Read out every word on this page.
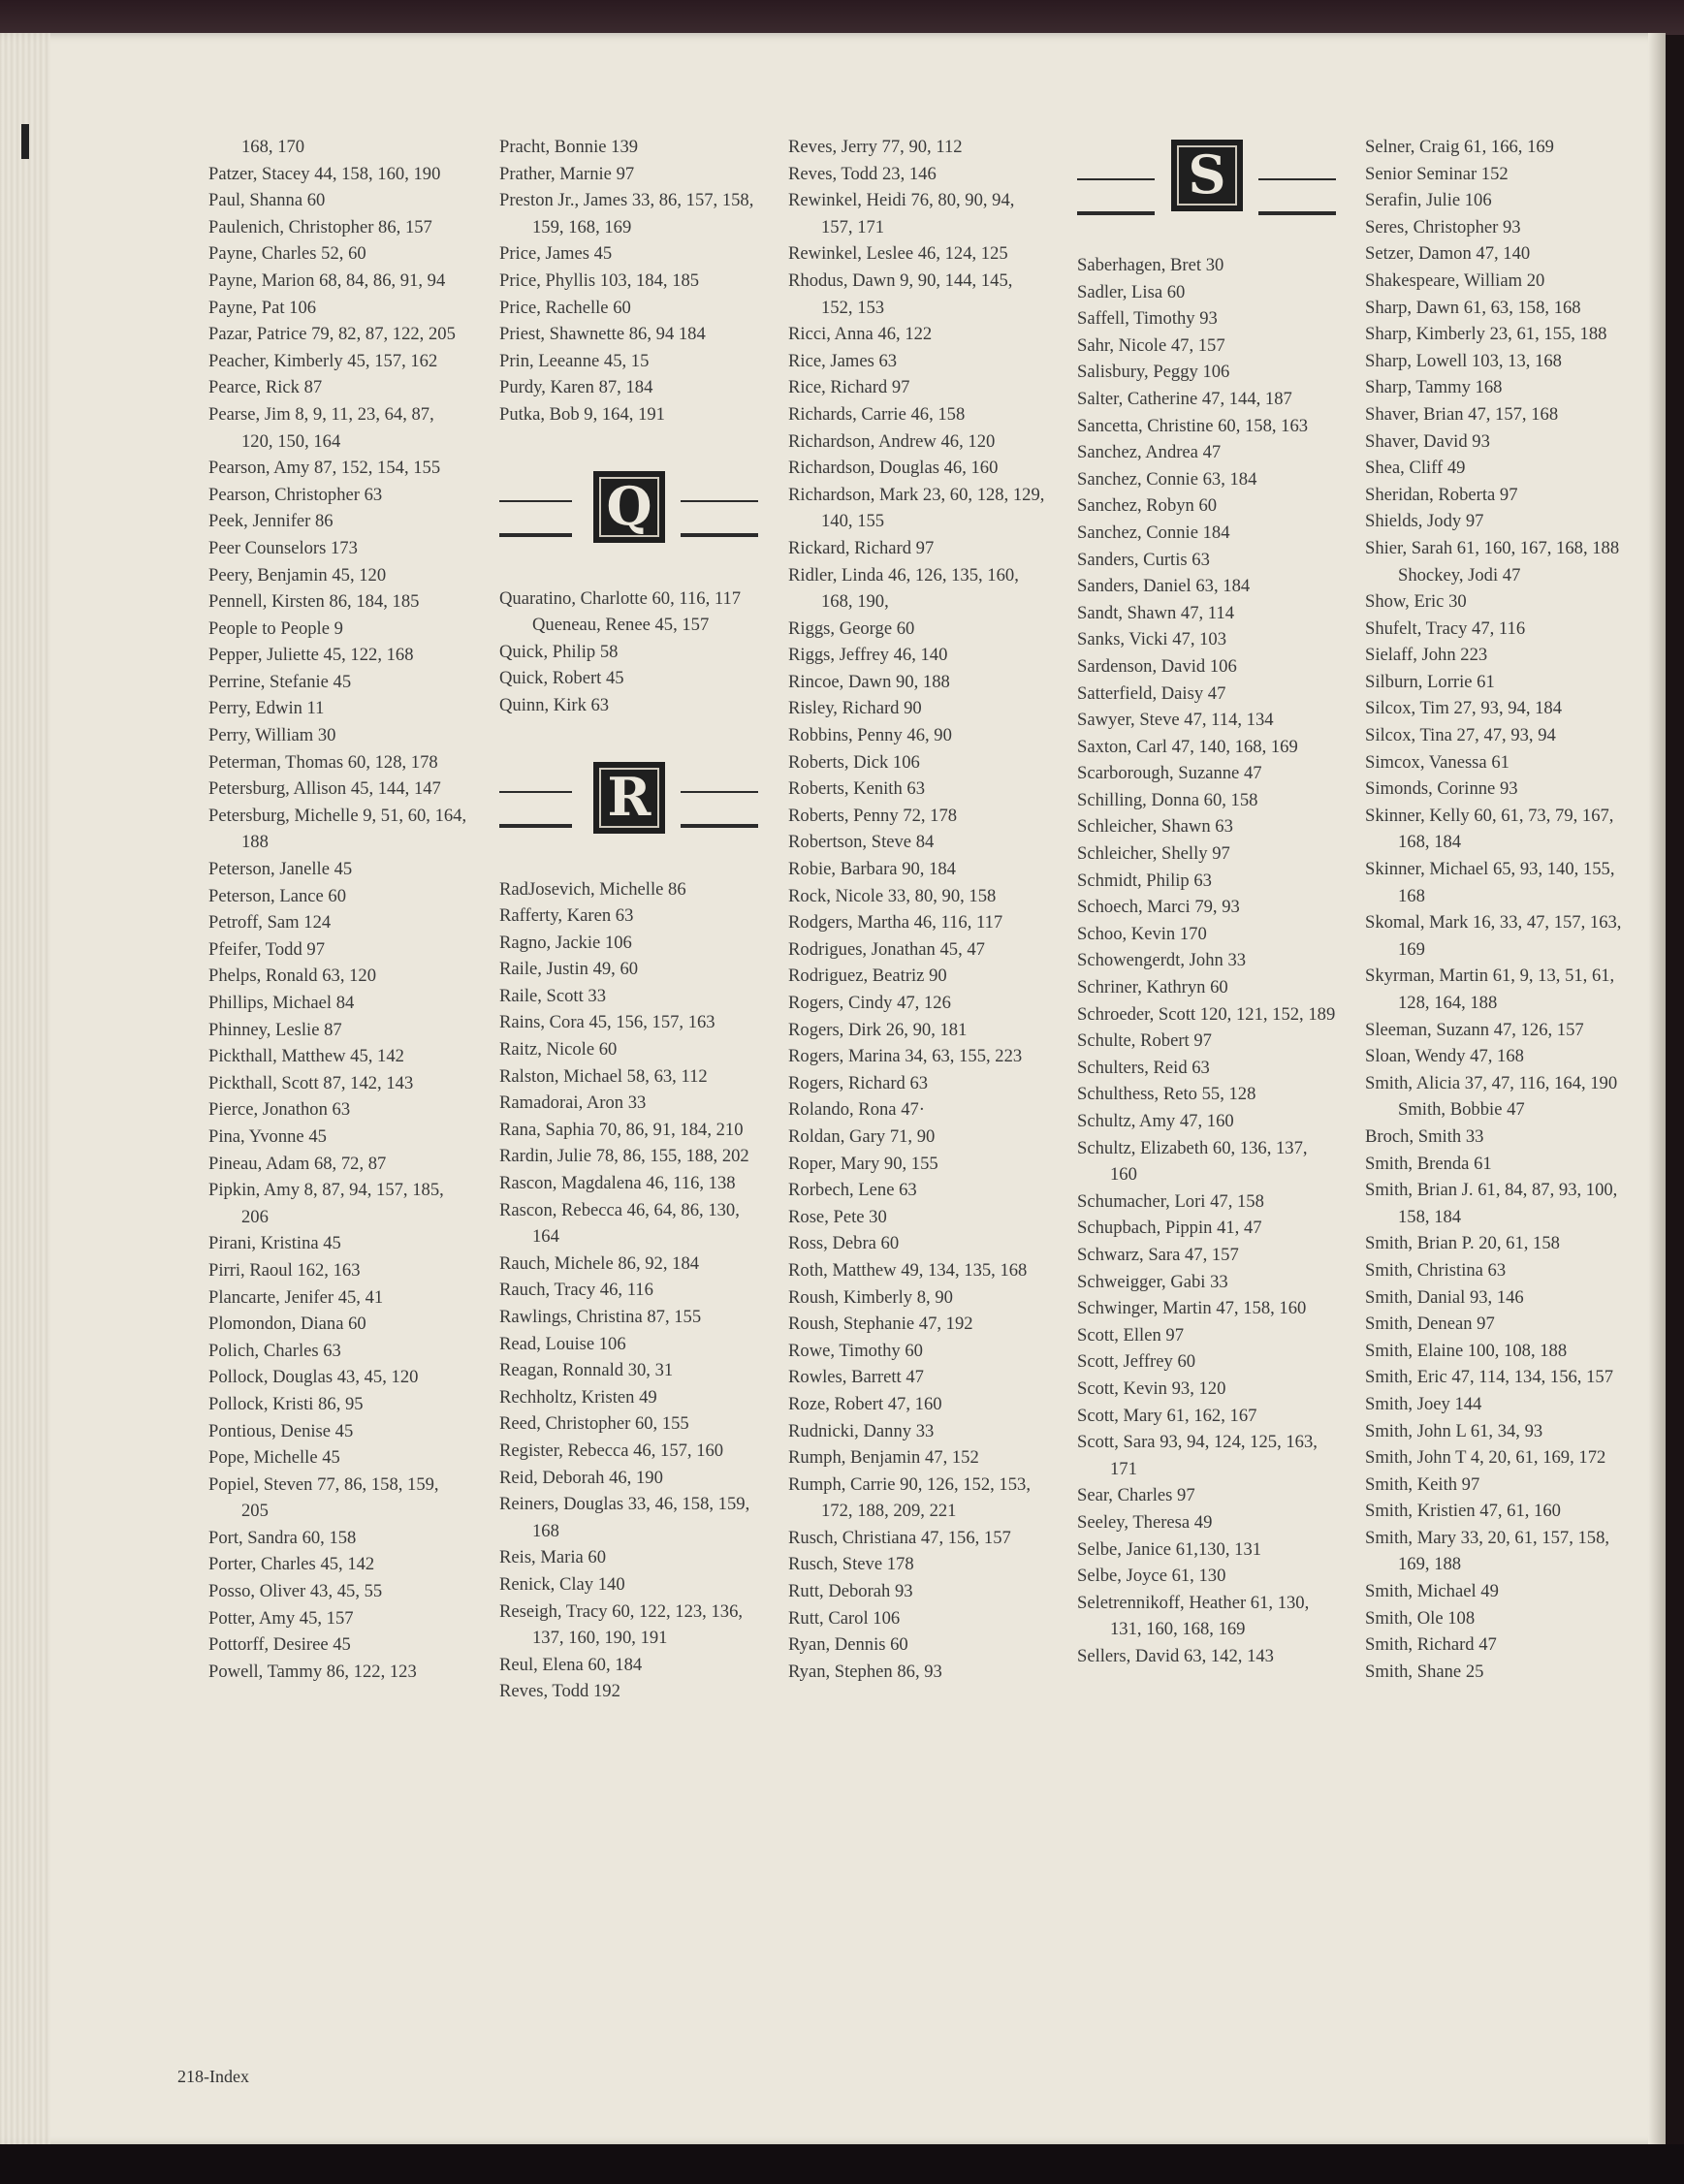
168, 170
Patzer, Stacey 44, 158, 160, 190
Paul, Shanna 60
Paulenich, Christopher 86, 157
Payne, Charles 52, 60
Payne, Marion 68, 84, 86, 91, 94
Payne, Pat 106
Pazar, Patrice 79, 82, 87, 122, 205
Peacher, Kimberly 45, 157, 162
Pearce, Rick 87
Pearse, Jim 8, 9, 11, 23, 64, 87, 120, 150, 164
Pearson, Amy 87, 152, 154, 155
Pearson, Christopher 63
Peek, Jennifer 86
Peer Counselors 173
Peery, Benjamin 45, 120
Pennell, Kirsten 86, 184, 185
People to People 9
Pepper, Juliette 45, 122, 168
Perrine, Stefanie 45
Perry, Edwin 11
Perry, William 30
Peterman, Thomas 60, 128, 178
Petersburg, Allison 45, 144, 147
Petersburg, Michelle 9, 51, 60, 164, 188
Peterson, Janelle 45
Peterson, Lance 60
Petroff, Sam 124
Pfeifer, Todd 97
Phelps, Ronald 63, 120
Phillips, Michael 84
Phinney, Leslie 87
Pickthall, Matthew 45, 142
Pickthall, Scott 87, 142, 143
Pierce, Jonathon 63
Pina, Yvonne 45
Pineau, Adam 68, 72, 87
Pipkin, Amy 8, 87, 94, 157, 185, 206
Pirani, Kristina 45
Pirri, Raoul 162, 163
Plancarte, Jenifer 45, 41
Plomondon, Diana 60
Polich, Charles 63
Pollock, Douglas 43, 45, 120
Pollock, Kristi 86, 95
Pontious, Denise 45
Pope, Michelle 45
Popiel, Steven 77, 86, 158, 159, 205
Port, Sandra 60, 158
Porter, Charles 45, 142
Posso, Oliver 43, 45, 55
Potter, Amy 45, 157
Pottorff, Desiree 45
Powell, Tammy 86, 122, 123
Pracht, Bonnie 139
Prather, Marnie 97
Preston Jr., James 33, 86, 157, 158, 159, 168, 169
Price, James 45
Price, Phyllis 103, 184, 185
Price, Rachelle 60
Priest, Shawnette 86, 94 184
Prin, Leeanne 45, 15
Purdy, Karen 87, 184
Putka, Bob 9, 164, 191
Q
Quaratino, Charlotte 60, 116, 117
Queneau, Renee 45, 157
Quick, Philip 58
Quick, Robert 45
Quinn, Kirk 63
R
RadJosevich, Michelle 86
Rafferty, Karen 63
Ragno, Jackie 106
Raile, Justin 49, 60
Raile, Scott 33
Rains, Cora 45, 156, 157, 163
Raitz, Nicole 60
Ralston, Michael 58, 63, 112
Ramadorai, Aron 33
Rana, Saphia 70, 86, 91, 184, 210
Rardin, Julie 78, 86, 155, 188, 202
Rascon, Magdalena 46, 116, 138
Rascon, Rebecca 46, 64, 86, 130, 164
Rauch, Michele 86, 92, 184
Rauch, Tracy 46, 116
Rawlings, Christina 87, 155
Read, Louise 106
Reagan, Ronnald 30, 31
Rechholtz, Kristen 49
Reed, Christopher 60, 155
Register, Rebecca 46, 157, 160
Reid, Deborah 46, 190
Reiners, Douglas 33, 46, 158, 159, 168
Reis, Maria 60
Renick, Clay 140
Reseigh, Tracy 60, 122, 123, 136, 137, 160, 190, 191
Reul, Elena 60, 184
Reves, Todd 192
Reves, Jerry 77, 90, 112
Reves, Todd 23, 146
Rewinkel, Heidi 76, 80, 90, 94, 157, 171
Rewinkel, Leslee 46, 124, 125
Rhodus, Dawn 9, 90, 144, 145, 152, 153
Ricci, Anna 46, 122
Rice, James 63
Rice, Richard 97
Richards, Carrie 46, 158
Richardson, Andrew 46, 120
Richardson, Douglas 46, 160
Richardson, Mark 23, 60, 128, 129, 140, 155
Rickard, Richard 97
Ridler, Linda 46, 126, 135, 160, 168, 190,
Riggs, George 60
Riggs, Jeffrey 46, 140
Rincoe, Dawn 90, 188
Risley, Richard 90
Robbins, Penny 46, 90
Roberts, Dick 106
Roberts, Kenith 63
Roberts, Penny 72, 178
Robertson, Steve 84
Robie, Barbara 90, 184
Rock, Nicole 33, 80, 90, 158
Rodgers, Martha 46, 116, 117
Rodrigues, Jonathan 45, 47
Rodriguez, Beatriz 90
Rogers, Cindy 47, 126
Rogers, Dirk 26, 90, 181
Rogers, Marina 34, 63, 155, 223
Rogers, Richard 63
Rolando, Rona 47·
Roldan, Gary 71, 90
Roper, Mary 90, 155
Rorbech, Lene 63
Rose, Pete 30
Ross, Debra 60
Roth, Matthew 49, 134, 135, 168
Roush, Kimberly 8, 90
Roush, Stephanie 47, 192
Rowe, Timothy 60
Rowles, Barrett 47
Roze, Robert 47, 160
Rudnicki, Danny 33
Rumph, Benjamin 47, 152
Rumph, Carrie 90, 126, 152, 153, 172, 188, 209, 221
Rusch, Christiana 47, 156, 157
Rusch, Steve 178
Rutt, Deborah 93
Rutt, Carol 106
Ryan, Dennis 60
Ryan, Stephen 86, 93
S
Saberhagen, Bret 30
Sadler, Lisa 60
Saffell, Timothy 93
Sahr, Nicole 47, 157
Salisbury, Peggy 106
Salter, Catherine 47, 144, 187
Sancetta, Christine 60, 158, 163
Sanchez, Andrea 47
Sanchez, Connie 63, 184
Sanchez, Robyn 60
Sanchez, Connie 184
Sanders, Curtis 63
Sanders, Daniel 63, 184
Sandt, Shawn 47, 114
Sanks, Vicki 47, 103
Sardenson, David 106
Satterfield, Daisy 47
Sawyer, Steve 47, 114, 134
Saxton, Carl 47, 140, 168, 169
Scarborough, Suzanne 47
Schilling, Donna 60, 158
Schleicher, Shawn 63
Schleicher, Shelly 97
Schmidt, Philip 63
Schoech, Marci 79, 93
Schoo, Kevin 170
Schowengerdt, John 33
Schriner, Kathryn 60
Schroeder, Scott 120, 121, 152, 189
Schulte, Robert 97
Schulters, Reid 63
Schulthess, Reto 55, 128
Schultz, Amy 47, 160
Schultz, Elizabeth 60, 136, 137, 160
Schumacher, Lori 47, 158
Schupbach, Pippin 41, 47
Schwarz, Sara 47, 157
Schweigger, Gabi 33
Schwinger, Martin 47, 158, 160
Scott, Ellen 97
Scott, Jeffrey 60
Scott, Kevin 93, 120
Scott, Mary 61, 162, 167
Scott, Sara 93, 94, 124, 125, 163, 171
Sear, Charles 97
Seeley, Theresa 49
Selbe, Janice 61,130, 131
Selbe, Joyce 61, 130
Seletrennikoff, Heather 61, 130, 131, 160, 168, 169
Sellers, David 63, 142, 143
Selner, Craig 61, 166, 169
Senior Seminar 152
Serafin, Julie 106
Seres, Christopher 93
Setzer, Damon 47, 140
Shakespeare, William 20
Sharp, Dawn 61, 63, 158, 168
Sharp, Kimberly 23, 61, 155, 188
Sharp, Lowell 103, 13, 168
Sharp, Tammy 168
Shaver, Brian 47, 157, 168
Shaver, David 93
Shea, Cliff 49
Sheridan, Roberta 97
Shields, Jody 97
Shier, Sarah 61, 160, 167, 168, 188
Shockey, Jodi 47
Show, Eric 30
Shufelt, Tracy 47, 116
Sielaff, John 223
Silburn, Lorrie 61
Silcox, Tim 27, 93, 94, 184
Silcox, Tina 27, 47, 93, 94
Simcox, Vanessa 61
Simonds, Corinne 93
Skinner, Kelly 60, 61, 73, 79, 167, 168, 184
Skinner, Michael 65, 93, 140, 155, 168
Skomal, Mark 16, 33, 47, 157, 163, 169
Skyrman, Martin 61, 9, 13, 51, 61, 128, 164, 188
Sleeman, Suzann 47, 126, 157
Sloan, Wendy 47, 168
Smith, Alicia 37, 47, 116, 164, 190
Smith, Bobbie 47
Broch, Smith 33
Smith, Brenda 61
Smith, Brian J. 61, 84, 87, 93, 100, 158, 184
Smith, Brian P. 20, 61, 158
Smith, Christina 63
Smith, Danial 93, 146
Smith, Denean 97
Smith, Elaine 100, 108, 188
Smith, Eric 47, 114, 134, 156, 157
Smith, Joey 144
Smith, John L 61, 34, 93
Smith, John T 4, 20, 61, 169, 172
Smith, Keith 97
Smith, Kristien 47, 61, 160
Smith, Mary 33, 20, 61, 157, 158, 169, 188
Smith, Michael 49
Smith, Ole 108
Smith, Richard 47
Smith, Shane 25
218-Index
